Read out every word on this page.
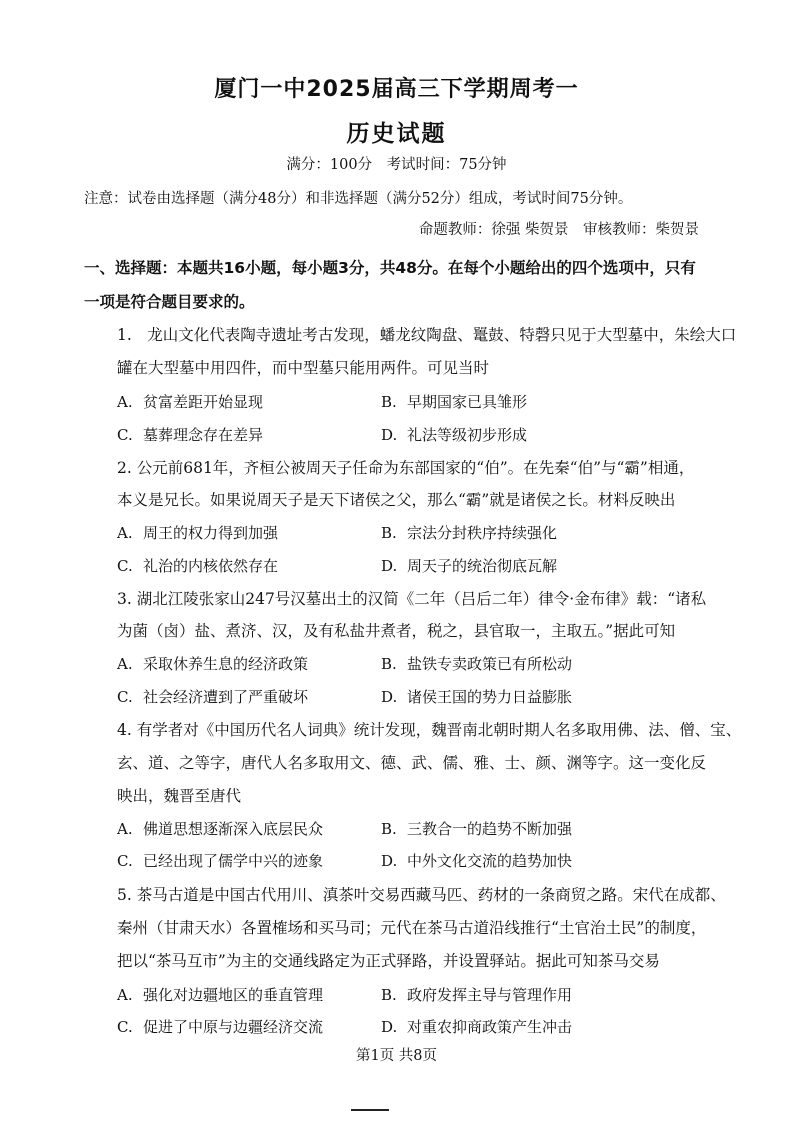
厦门一中2025届高三下学期周考一
历史试题
满分：100分　考试时间：75分钟
注意：试卷由选择题（满分48分）和非选择题（满分52分）组成，考试时间75分钟。
命题教师：徐强 柴贺景　审核教师：柴贺景
一、选择题：本题共16小题，每小题3分，共48分。在每个小题给出的四个选项中，只有
一项是符合题目要求的。
1.　龙山文化代表陶寺遗址考古发现，蟠龙纹陶盘、鼍鼓、特磬只见于大型墓中，朱绘大口
罐在大型墓中用四件，而中型墓只能用两件。可见当时
A. 贫富差距开始显现	B. 早期国家已具雏形
C. 墓葬理念存在差异	D. 礼法等级初步形成
2. 公元前681年，齐桓公被周天子任命为东部国家的“伯”。在先秦“伯”与“霸”相通，
本义是兄长。如果说周天子是天下诸侯之父，那么“霸”就是诸侯之长。材料反映出
A. 周王的权力得到加强	B. 宗法分封秩序持续强化
C. 礼治的内核依然存在	D. 周天子的统治彻底瓦解
3. 湖北江陵张家山247号汉墓出土的汉简《二年（吕后二年）律令·金布律》载：“诸私
为菌（卤）盐、煮济、汉，及有私盐井煮者，税之，县官取一，主取五。”据此可知
A. 采取休养生息的经济政策	B. 盐铁专卖政策已有所松动
C. 社会经济遭到了严重破坏	D. 诸侯王国的势力日益膨胀
4. 有学者对《中国历代名人词典》统计发现，魏晋南北朝时期人名多取用佛、法、僧、宝、
玄、道、之等字，唐代人名多取用文、德、武、儒、雅、士、颜、渊等字。这一变化反
映出，魏晋至唐代
A. 佛道思想逐渐深入底层民众	B. 三教合一的趋势不断加强
C. 已经出现了儒学中兴的迹象	D. 中外文化交流的趋势加快
5. 茶马古道是中国古代用川、滇茶叶交易西藏马匹、药材的一条商贸之路。宋代在成都、
秦州（甘肃天水）各置榷场和买马司；元代在茶马古道沿线推行“土官治土民”的制度，
把以“茶马互市”为主的交通线路定为正式驿路，并设置驿站。据此可知茶马交易
A. 强化对边疆地区的垂直管理	B. 政府发挥主导与管理作用
C. 促进了中原与边疆经济交流	D. 对重农抑商政策产生冲击
第1页 共8页
